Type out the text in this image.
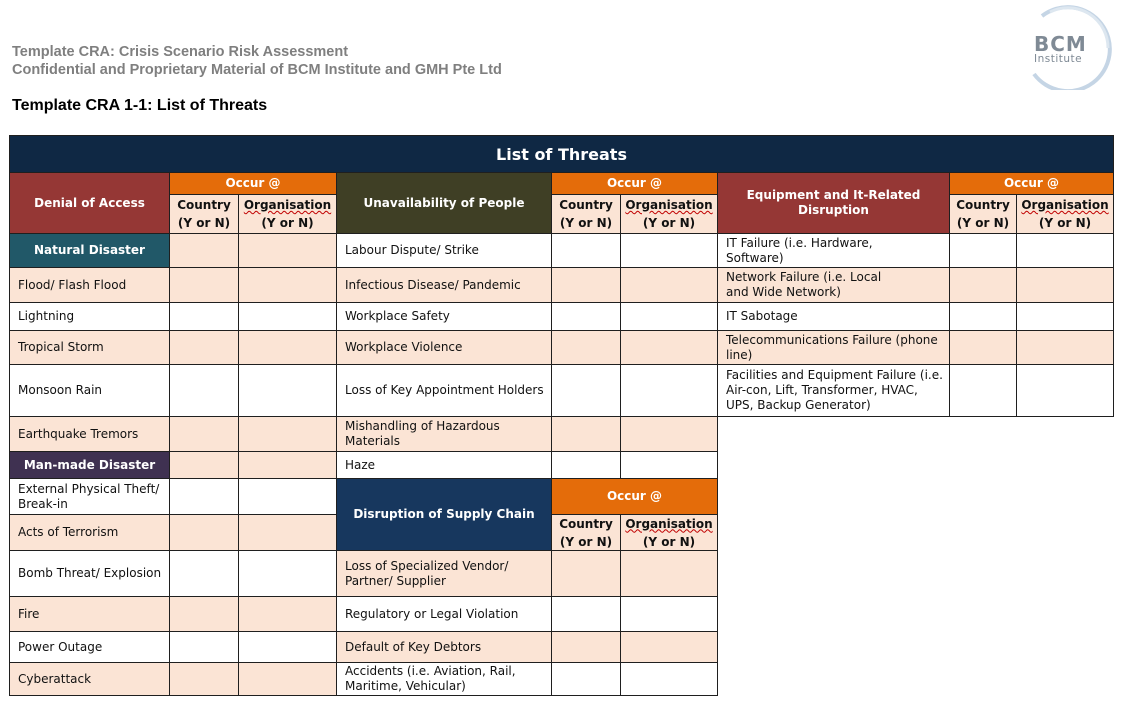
Template CRA: Crisis Scenario Risk Assessment
Confidential and Proprietary Material of BCM Institute and GMH Pte Ltd
Template CRA 1-1: List of Threats
BCM
Institute
List of Threats
Denial of Access
Occur @
Country
(Y or N)
Organisation
(Y or N)
Unavailability of People
Occur @
Country
(Y or N)
Organisation
(Y or N)
Equipment and It-Related Disruption
Occur @
Country
(Y or N)
Organisation
(Y or N)
Natural Disaster
Flood/ Flash Flood
Lightning
Tropical Storm
Monsoon Rain
Earthquake Tremors
Man-made Disaster
External Physical Theft/ Break-in
Acts of Terrorism
Bomb Threat/ Explosion
Fire
Power Outage
Cyberattack
Labour Dispute/ Strike
Infectious Disease/ Pandemic
Workplace Safety
Workplace Violence
Loss of Key Appointment Holders
Mishandling of Hazardous Materials
Haze
Disruption of Supply Chain
Occur @
Country
(Y or N)
Organisation
(Y or N)
Loss of Specialized Vendor/ Partner/ Supplier
Regulatory or Legal Violation
Default of Key Debtors
Accidents (i.e. Aviation, Rail, Maritime, Vehicular)
IT Failure (i.e. Hardware, Software)
Network Failure (i.e. Local and Wide Network)
IT Sabotage
Telecommunications Failure (phone line)
Facilities and Equipment Failure (i.e. Air-con, Lift, Transformer, HVAC, UPS, Backup Generator)
